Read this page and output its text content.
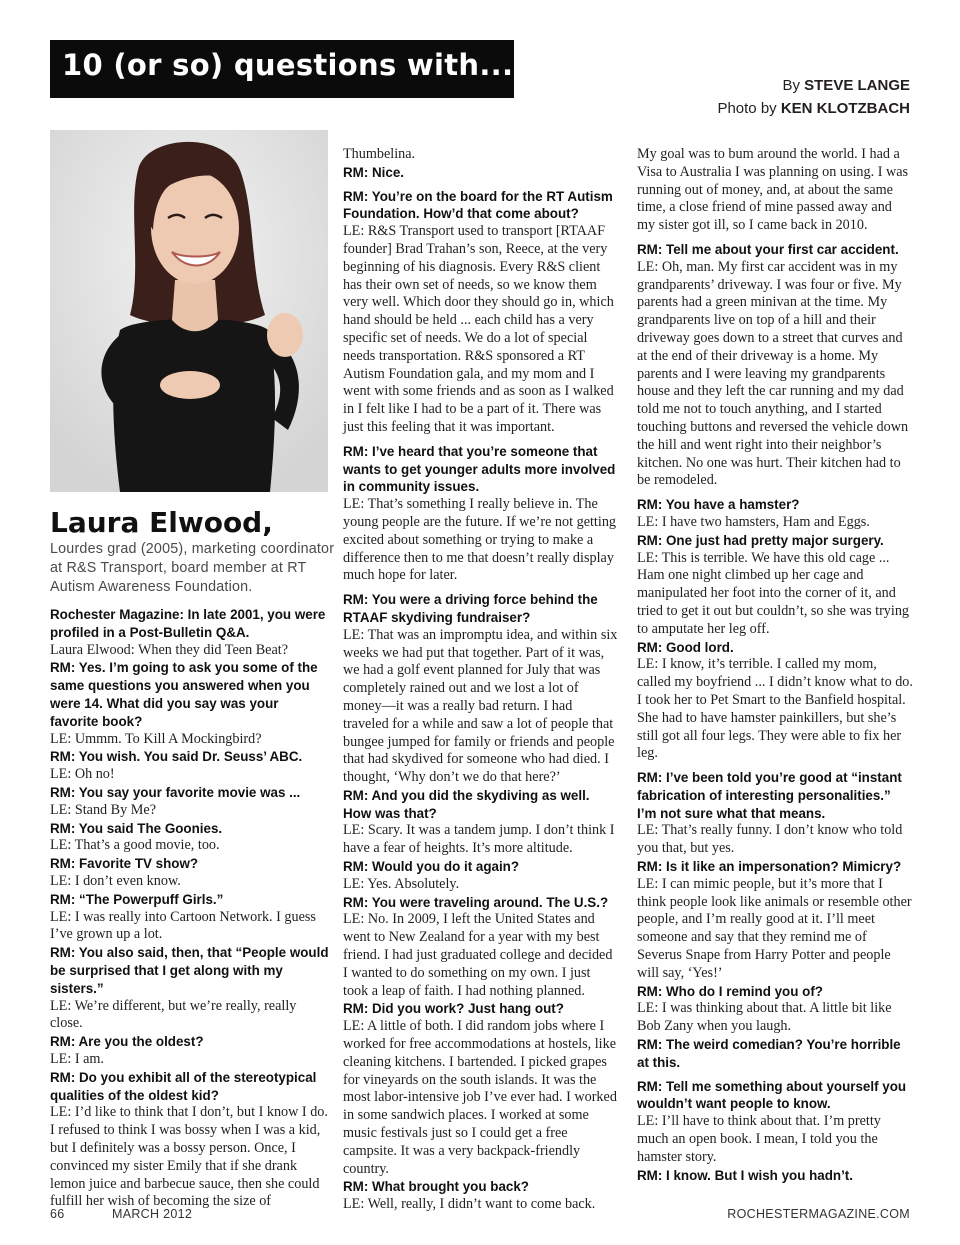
10 (or so) questions with...
By STEVE LANGE
Photo by KEN KLOTZBACH
Laura Elwood,
Lourdes grad (2005), marketing coordinator at R&S Transport, board member at RT Autism Awareness Foundation.

Rochester Magazine: In late 2001, you were profiled in a Post-Bulletin Q&A.

Laura Elwood: When they did Teen Beat?

RM: Yes. I’m going to ask you some of the same questions you answered when you were 14. What did you say was your favorite book?

LE: Ummm. To Kill A Mockingbird?

RM: You wish. You said Dr. Seuss’ ABC.

LE: Oh no!

RM: You say your favorite movie was ...

LE: Stand By Me?

RM: You said The Goonies.

LE: That’s a good movie, too.

RM: Favorite TV show?

LE: I don’t even know.

RM: “The Powerpuff Girls.”

LE: I was really into Cartoon Network. I guess I’ve grown up a lot.

RM: You also said, then, that “People would be surprised that I get along with my sisters.”

LE: We’re different, but we’re really, really close.

RM: Are you the oldest?

LE: I am.

RM: Do you exhibit all of the stereotypical qualities of the oldest kid?

LE: I’d like to think that I don’t, but I know I do. I refused to think I was bossy when I was a kid, but I definitely was a bossy person. Once, I convinced my sister Emily that if she drank lemon juice and barbecue sauce, then she could fulfill her wish of becoming the size of

Thumbelina.

RM: Nice.

RM: You’re on the board for the RT Autism Foundation. How’d that come about?

LE: R&S Transport used to transport [RTAAF founder] Brad Trahan’s son, Reece, at the very beginning of his diagnosis. Every R&S client has their own set of needs, so we know them very well. Which door they should go in, which hand should be held ... each child has a very specific set of needs. We do a lot of special needs transportation. R&S sponsored a RT Autism Foundation gala, and my mom and I went with some friends and as soon as I walked in I felt like I had to be a part of it. There was just this feeling that it was important.

RM: I’ve heard that you’re someone that wants to get younger adults more involved in community issues.

LE: That’s something I really believe in. The young people are the future. If we’re not getting excited about something or trying to make a difference then to me that doesn’t really display much hope for later.

RM: You were a driving force behind the RTAAF skydiving fundraiser?

LE: That was an impromptu idea, and within six weeks we had put that together. Part of it was, we had a golf event planned for July that was completely rained out and we lost a lot of money—it was a really bad return. I had traveled for a while and saw a lot of people that bungee jumped for family or friends and people that had skydived for someone who had died. I thought, ‘Why don’t we do that here?’

RM: And you did the skydiving as well. How was that?

LE: Scary. It was a tandem jump. I don’t think I have a fear of heights. It’s more altitude.

RM: Would you do it again?

LE: Yes. Absolutely.

RM: You were traveling around. The U.S.?

LE: No. In 2009, I left the United States and went to New Zealand for a year with my best friend. I had just graduated college and decided I wanted to do something on my own. I just took a leap of faith. I had nothing planned.

RM: Did you work? Just hang out?

LE: A little of both. I did random jobs where I worked for free accommodations at hostels, like cleaning kitchens. I bartended. I picked grapes for vineyards on the south islands. It was the most labor-intensive job I’ve ever had. I worked in some sandwich places. I worked at some music festivals just so I could get a free campsite. It was a very backpack-friendly country.

RM: What brought you back?

LE: Well, really, I didn’t want to come back.

My goal was to bum around the world. I had a Visa to Australia I was planning on using. I was running out of money, and, at about the same time, a close friend of mine passed away and my sister got ill, so I came back in 2010.

RM: Tell me about your first car accident.

LE: Oh, man. My first car accident was in my grandparents’ driveway. I was four or five. My parents had a green minivan at the time. My grandparents live on top of a hill and their driveway goes down to a street that curves and at the end of their driveway is a home. My parents and I were leaving my grandparents house and they left the car running and my dad told me not to touch anything, and I started touching buttons and reversed the vehicle down the hill and went right into their neighbor’s kitchen. No one was hurt. Their kitchen had to be remodeled.

RM: You have a hamster?

LE: I have two hamsters, Ham and Eggs.

RM: One just had pretty major surgery.

LE: This is terrible. We have this old cage ... Ham one night climbed up her cage and manipulated her foot into the corner of it, and tried to get it out but couldn’t, so she was trying to amputate her leg off.

RM: Good lord.

LE: I know, it’s terrible. I called my mom, called my boyfriend ... I didn’t know what to do. I took her to Pet Smart to the Banfield hospital. She had to have hamster painkillers, but she’s still got all four legs. They were able to fix her leg.

RM: I’ve been told you’re good at “instant fabrication of interesting personalities.” I’m not sure what that means.

LE: That’s really funny. I don’t know who told you that, but yes.

RM: Is it like an impersonation? Mimicry?

LE: I can mimic people, but it’s more that I think people look like animals or resemble other people, and I’m really good at it. I’ll meet someone and say that they remind me of Severus Snape from Harry Potter and people will say, ‘Yes!’

RM: Who do I remind you of?

LE: I was thinking about that. A little bit like Bob Zany when you laugh.

RM: The weird comedian? You’re horrible at this.

RM: Tell me something about yourself you wouldn’t want people to know.

LE: I’ll have to think about that. I’m pretty much an open book. I mean, I told you the hamster story.

RM: I know. But I wish you hadn’t.

66	MARCH 2012	ROCHESTERMAGAZINE.COM
